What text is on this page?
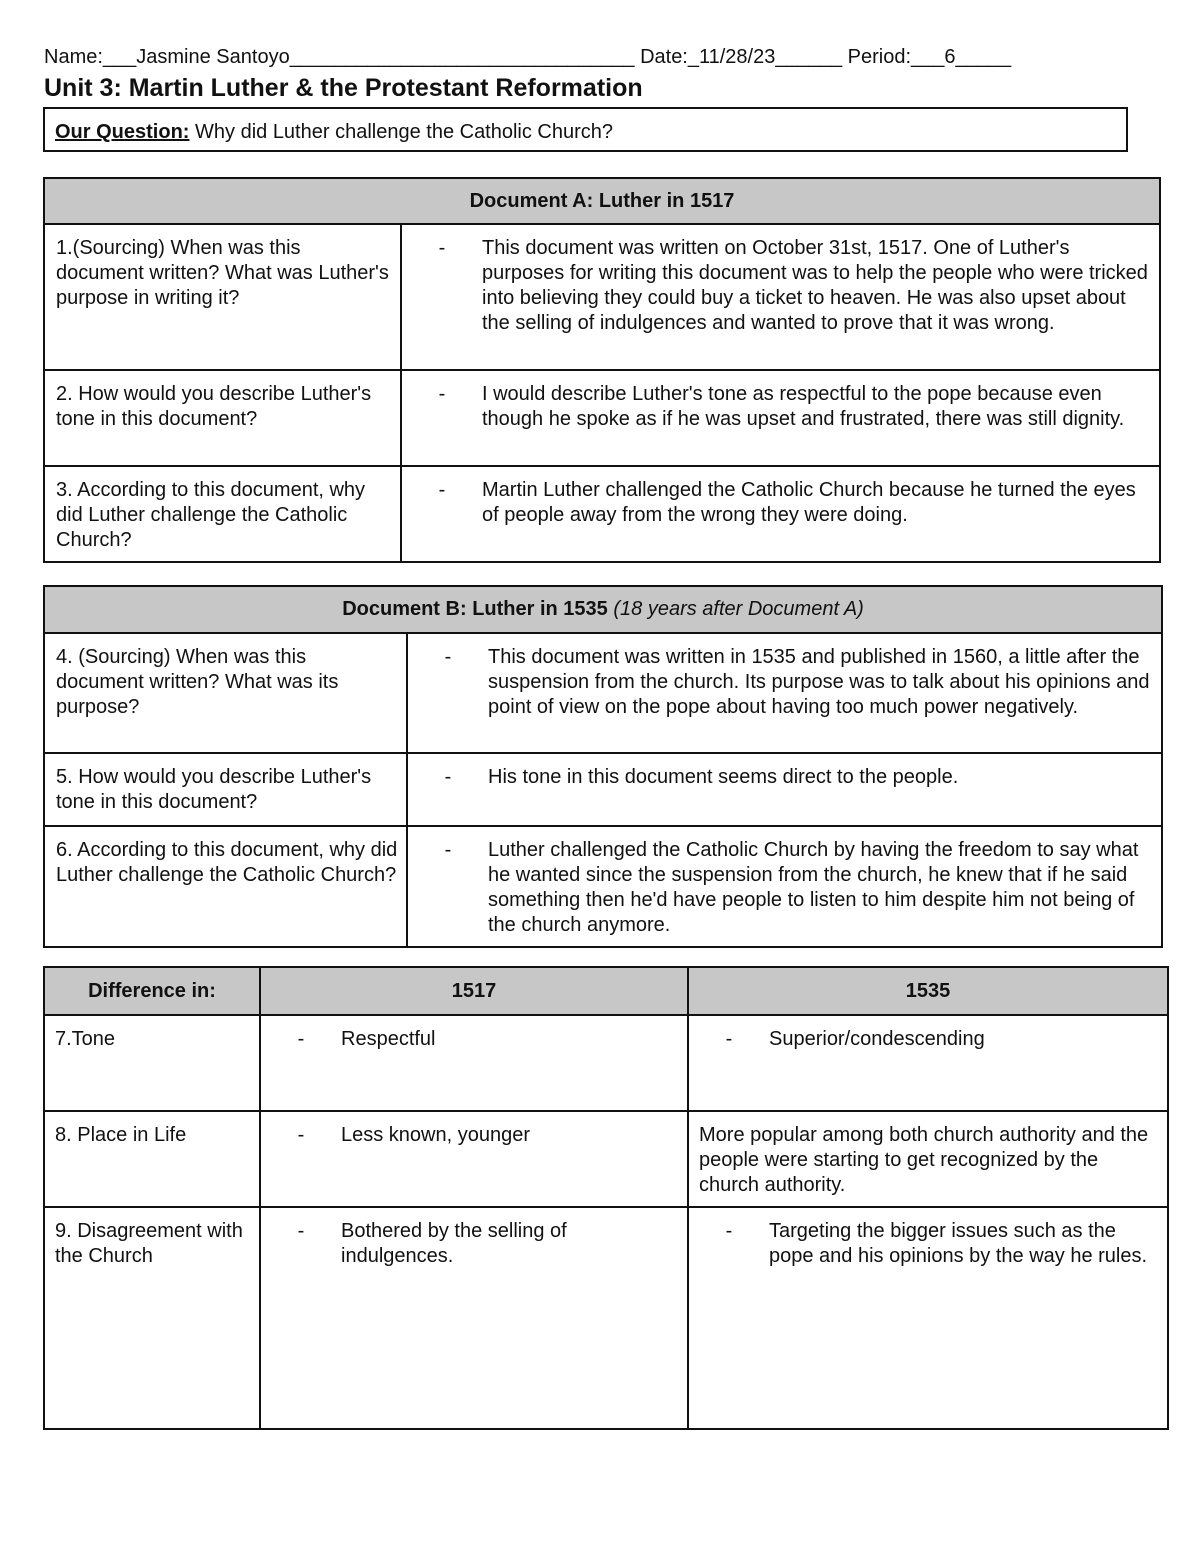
Name:___Jasmine Santoyo_______________________________ Date:_11/28/23______ Period:___6_____
Unit 3: Martin Luther & the Protestant Reformation
Our Question: Why did Luther challenge the Catholic Church?
Document A: Luther in 1517	
1.(Sourcing) When was this document written? What was Luther's purpose in writing it?	- This document was written on October 31st, 1517. One of Luther's purposes for writing this document was to help the people who were tricked into believing they could buy a ticket to heaven. He was also upset about the selling of indulgences and wanted to prove that it was wrong.

2. How would you describe Luther's tone in this document?	- I would describe Luther's tone as respectful to the pope because even though he spoke as if he was upset and frustrated, there was still dignity.

3. According to this document, why did Luther challenge the Catholic Church?	- Martin Luther challenged the Catholic Church because he turned the eyes of people away from the wrong they were doing.
Document B: Luther in 1535 (18 years after Document A)	
4. (Sourcing) When was this document written? What was its purpose?	- This document was written in 1535 and published in 1560, a little after the suspension from the church. Its purpose was to talk about his opinions and point of view on the pope about having too much power negatively.

5. How would you describe Luther's tone in this document?	- His tone in this document seems direct to the people.

6. According to this document, why did Luther challenge the Catholic Church?	- Luther challenged the Catholic Church by having the freedom to say what he wanted since the suspension from the church, he knew that if he said something then he'd have people to listen to him despite him not being of the church anymore.
Difference in:	1517	1535
7.Tone	- Respectful	- Superior/condescending

8. Place in Life	- Less known, younger	More popular among both church authority and the people were starting to get recognized by the church authority.
9. Disagreement with the Church	- Bothered by the selling of indulgences.	- Targeting the bigger issues such as the pope and his opinions by the way he rules.
